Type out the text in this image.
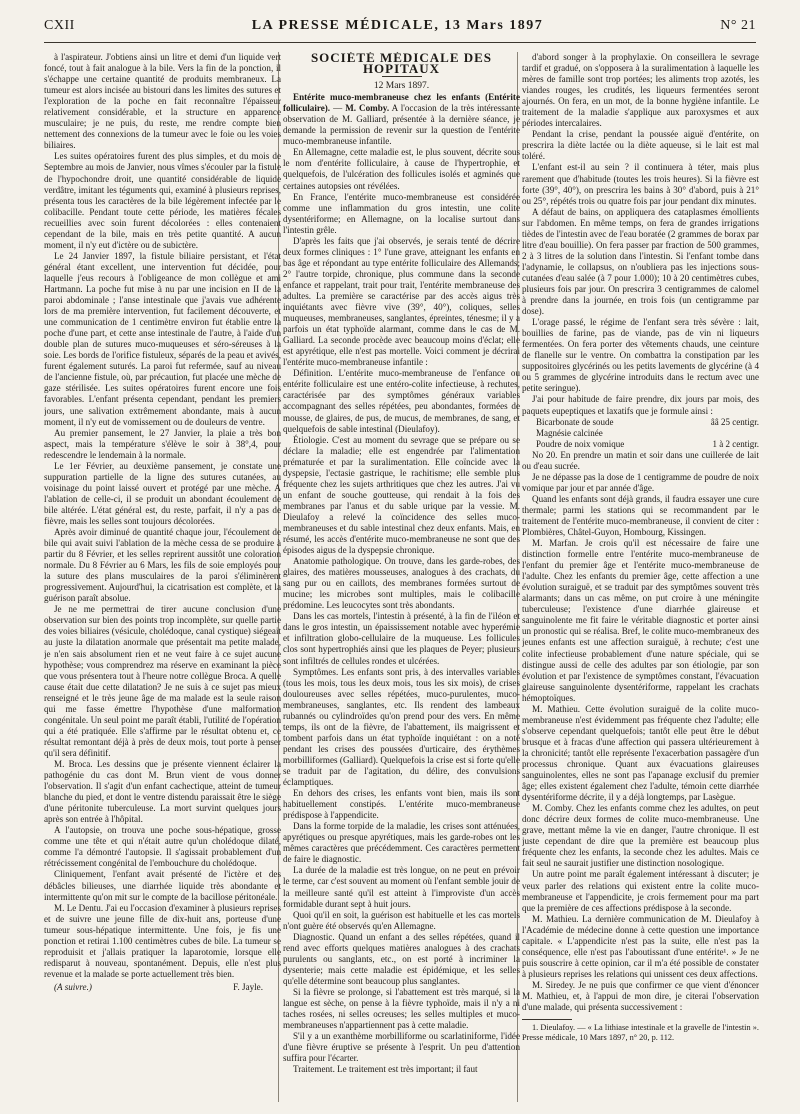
CXII	LA PRESSE MÉDICALE, 13 Mars 1897	N° 21

à l'aspirateur. J'obtiens ainsi un litre et demi d'un liquide vert foncé, tout à fait analogue à la bile. Vers la fin de la ponction, il s'échappe une certaine quantité de produits membraneux. La tumeur est alors incisée au bistouri dans les limites des sutures et l'exploration de la poche en fait reconnaître l'épaisseur relativement considérable, et la structure en apparence musculaire; je ne puis, du reste, me rendre compte bien nettement des connexions de la tumeur avec le foie ou les voies biliaires.

Les suites opératoires furent des plus simples, et du mois de Septembre au mois de Janvier, nous vîmes s'écouler par la fistule de l'hypochondre droit, une quantité considérable de liquide verdâtre, imitant les téguments qui, examiné à plusieurs reprises, présenta tous les caractères de la bile légèrement infectée par le colibacille. Pendant toute cette période, les matières fécales recueillies avec soin furent décolorées : elles contenaient cependant de la bile, mais en très petite quantité. A aucun moment, il n'y eut d'ictère ou de subictère.

Le 24 Janvier 1897, la fistule biliaire persistant, et l'état général étant excellent, une intervention fut décidée, pour laquelle j'eus recours à l'obligeance de mon collègue et ami Hartmann. La poche fut mise à nu par une incision en II de la paroi abdominale ; l'anse intestinale que j'avais vue adhérente lors de ma première intervention, fut facilement découverte, et une communication de 1 centimètre environ fut établie entre la poche d'une part, et cette anse intestinale de l'autre, à l'aide d'un double plan de sutures muco-muqueuses et séro-séreuses à la soie. Les bords de l'orifice fistuleux, séparés de la peau et avivés, furent également suturés. La paroi fut refermée, sauf au niveau de l'ancienne fistule, où, par précaution, fut placée une mèche de gaze stérilisée. Les suites opératoires furent encore une fois favorables. L'enfant présenta cependant, pendant les premiers jours, une salivation extrêmement abondante, mais à aucun moment, il n'y eut de vomissement ou de douleurs de ventre.

Au premier pansement, le 27 Janvier, la plaie a très bon aspect, mais la température s'élève le soir à 38°,4, pour redescendre le lendemain à la normale.

Le 1er Février, au deuxième pansement, je constate une suppuration partielle de la ligne des sutures cutanées, au voisinage du point laissé ouvert et protégé par une mèche. A l'ablation de celle-ci, il se produit un abondant écoulement de bile altérée. L'état général est, du reste, parfait, il n'y a pas de fièvre, mais les selles sont toujours décolorées.

Après avoir diminué de quantité chaque jour, l'écoulement de bile qui avait suivi l'ablation de la mèche cessa de se produire à partir du 8 Février, et les selles reprirent aussitôt une coloration normale. Du 8 Février au 6 Mars, les fils de soie employés pour la suture des plans musculaires de la paroi s'éliminèrent progressivement. Aujourd'hui, la cicatrisation est complète, et la guérison paraît absolue.

Je ne me permettrai de tirer aucune conclusion d'une observation sur bien des points trop incomplète, sur quelle partie des voies biliaires (vésicule, cholédoque, canal cystique) siégeait au juste la dilatation anormale que présentait ma petite malade, je n'en sais absolument rien et ne veut faire à ce sujet aucune hypothèse; vous comprendrez ma réserve en examinant la pièce que vous présentera tout à l'heure notre collègue Broca. A quelle cause était due cette dilatation? Je ne suis à ce sujet pas mieux renseigné et le très jeune âge de ma malade est la seule raison qui me fasse émettre l'hypothèse d'une malformation congénitale. Un seul point me paraît établi, l'utilité de l'opération qui a été pratiquée. Elle s'affirme par le résultat obtenu et, ce résultat remontant déjà à près de deux mois, tout porte à penser qu'il sera définitif.

M. Broca. Les dessins que je présente viennent éclairer la pathogénie du cas dont M. Brun vient de vous donner l'observation. Il s'agit d'un enfant cachectique, atteint de tumeur blanche du pied, et dont le ventre distendu paraissait être le siège d'une péritonite tuberculeuse. La mort survint quelques jours après son entrée à l'hôpital.

A l'autopsie, on trouva une poche sous-hépatique, grosse comme une tête et qui n'était autre qu'un cholédoque dilaté, comme l'a démontré l'autopsie. Il s'agissait probablement d'un rétrécissement congénital de l'embouchure du cholédoque.

Cliniquement, l'enfant avait présenté de l'ictère et des débâcles bilieuses, une diarrhée liquide très abondante et intermittente qu'on mit sur le compte de la bacillose péritonéale.

M. Le Dentu. J'ai eu l'occasion d'examiner à plusieurs reprises et de suivre une jeune fille de dix-huit ans, porteuse d'une tumeur sous-hépatique intermittente. Une fois, je fis une ponction et retirai 1.100 centimètres cubes de bile. La tumeur se reproduisit et j'allais pratiquer la laparotomie, lorsque elle redisparut à nouveau, spontanément. Depuis, elle n'est plus revenue et la malade se porte actuellement très bien.

(A suivre.)	F. Jayle.

SOCIÉTÉ MÉDICALE DES HOPITAUX

12 Mars 1897.

Entérite muco-membraneuse chez les enfants (Entérite folliculaire). — M. Comby. A l'occasion de la très intéressante observation de M. Galliard, présentée à la dernière séance, je demande la permission de revenir sur la question de l'entérite muco-membraneuse infantile.

En Allemagne, cette maladie est, le plus souvent, décrite sous le nom d'entérite folliculaire, à cause de l'hypertrophie, et quelquefois, de l'ulcération des follicules isolés et agminés que certaines autopsies ont révélées.

En France, l'entérite muco-membraneuse est considérée comme une inflammation du gros intestin, une colite dysentériforme; en Allemagne, on la localise surtout dans l'intestin grêle.

D'après les faits que j'ai observés, je serais tenté de décrire deux formes cliniques : 1° l'une grave, atteignant les enfants en bas âge et répondant au type entérite folliculaire des Allemands; 2° l'autre torpide, chronique, plus commune dans la seconde enfance et rappelant, trait pour trait, l'entérite membraneuse des adultes. La première se caractérise par des accès aigus très inquiétants avec fièvre vive (39°, 40°), coliques, selles muqueuses, membraneuses, sanglantes, épreintes, ténesme; il y a parfois un état typhoïde alarmant, comme dans le cas de M. Galliard. La seconde procède avec beaucoup moins d'éclat; elle est apyrétique, elle n'est pas mortelle. Voici comment je décrirai l'entérite muco-membraneuse infantile :

Définition. L'entérite muco-membraneuse de l'enfance ou entérite folliculaire est une entéro-colite infectieuse, à rechutes, caractérisée par des symptômes généraux variables accompagnant des selles répétées, peu abondantes, formées de mousse, de glaires, de pus, de mucus, de membranes, de sang, et quelquefois de sable intestinal (Dieulafoy).

Étiologie. C'est au moment du sevrage que se prépare ou se déclare la maladie; elle est engendrée par l'alimentation prématurée et par la suralimentation. Elle coïncide avec la dyspepsie, l'ectasie gastrique, le rachitisme; elle semble plus fréquente chez les sujets arthritiques que chez les autres. J'ai vu un enfant de souche goutteuse, qui rendait à la fois des membranes par l'anus et du sable urique par la vessie. M. Dieulafoy a relevé la coïncidence des selles muco-membraneuses et du sable intestinal chez deux enfants. Mais, en résumé, les accès d'entérite muco-membraneuse ne sont que des épisodes aigus de la dyspepsie chronique.

Anatomie pathologique. On trouve, dans les garde-robes, des glaires, des matières mousseuses, analogues à des crachats, du sang pur ou en caillots, des membranes formées surtout de mucine; les microbes sont multiples, mais le colibacille prédomine. Les leucocytes sont très abondants.

Dans les cas mortels, l'intestin à présenté, à la fin de l'iléon et dans le gros intestin, un épaississement notable avec hyperémie et infiltration globo-cellulaire de la muqueuse. Les follicules clos sont hypertrophiés ainsi que les plaques de Peyer; plusieurs sont infiltrés de cellules rondes et ulcérées.

Symptômes. Les enfants sont pris, à des intervalles variables (tous les mois, tous les deux mois, tous les six mois), de crises douloureuses avec selles répétées, muco-purulentes, muco-membraneuses, sanglantes, etc. Ils rendent des lambeaux rubannés ou cylindroïdes qu'on prend pour des vers. En même temps, ils ont de la fièvre, de l'abattement, ils maigrissent et tombent parfois dans un état typhoïde inquiétant : on a noté pendant les crises des poussées d'urticaire, des érythèmes morbilliformes (Galliard). Quelquefois la crise est si forte qu'elle se traduit par de l'agitation, du délire, des convulsions éclamptiques.

En dehors des crises, les enfants vont bien, mais ils sont habituellement constipés. L'entérite muco-membraneuse prédispose à l'appendicite.

Dans la forme torpide de la maladie, les crises sont atténuées, apyrétiques ou presque apyrétiques, mais les garde-robes ont les mêmes caractères que précédemment. Ces caractères permettent de faire le diagnostic.

La durée de la maladie est très longue, on ne peut en prévoir le terme, car c'est souvent au moment où l'enfant semble jouir de la meilleure santé qu'il est atteint à l'improviste d'un accès formidable durant sept à huit jours.

Quoi qu'il en soit, la guérison est habituelle et les cas mortels n'ont guère été observés qu'en Allemagne.

Diagnostic. Quand un enfant a des selles répétées, quand il rend avec efforts quelques matières analogues à des crachats purulents ou sanglants, etc., on est porté à incriminer la dysenterie; mais cette maladie est épidémique, et les selles qu'elle détermine sont beaucoup plus sanglantes.

Si la fièvre se prolonge, si l'abattement est très marqué, si la langue est sèche, on pense à la fièvre typhoïde, mais il n'y a ni taches rosées, ni selles ocreuses; les selles multiples et muco-membraneuses n'appartiennent pas à cette maladie.

S'il y a un exanthème morbilliforme ou scarlatiniforme, l'idée d'une fièvre éruptive se présente à l'esprit. Un peu d'attention suffira pour l'écarter.

Traitement. Le traitement est très important; il faut

d'abord songer à la prophylaxie. On conseillera le sevrage tardif et gradué, on s'opposera à la suralimentation à laquelle les mères de famille sont trop portées; les aliments trop azotés, les viandes rouges, les crudités, les liqueurs fermentées seront ajournés. On fera, en un mot, de la bonne hygiène infantile. Le traitement de la maladie s'applique aux paroxysmes et aux périodes intercalaires.

Pendant la crise, pendant la poussée aiguë d'entérite, on prescrira la diète lactée ou la diète aqueuse, si le lait est mal toléré.

L'enfant est-il au sein ? il continuera à téter, mais plus rarement que d'habitude (toutes les trois heures). Si la fièvre est forte (39°, 40°), on prescrira les bains à 30° d'abord, puis à 21° ou 25°, répétés trois ou quatre fois par jour pendant dix minutes.

A défaut de bains, on appliquera des cataplasmes émollients sur l'abdomen. En même temps, on fera de grandes irrigations tièdes de l'intestin avec de l'eau boratée (2 grammes de borax par litre d'eau bouillie). On fera passer par fraction de 500 grammes, 2 à 3 litres de la solution dans l'intestin. Si l'enfant tombe dans l'adynamie, le collapsus, on n'oubliera pas les injections sous-cutanées d'eau salée (à 7 pour 1.000); 10 à 20 centimètres cubes, plusieurs fois par jour. On prescrira 3 centigrammes de calomel à prendre dans la journée, en trois fois (un centigramme par dose).

L'orage passé, le régime de l'enfant sera très sévère : lait, bouillies de farine, pas de viande, pas de vin ni liqueurs fermentées. On fera porter des vêtements chauds, une ceinture de flanelle sur le ventre. On combattra la constipation par les suppositoires glycérinés ou les petits lavements de glycérine (à 4 ou 5 grammes de glycérine introduits dans le rectum avec une petite seringue).

J'ai pour habitude de faire prendre, dix jours par mois, des paquets eupeptiques et laxatifs que je formule ainsi :

Bicarbonate de soude	ââ 25 centigr.
Magnésie calcinée
Poudre de noix vomique	1 à 2 centigr.

No 20. En prendre un matin et soir dans une cuillerée de lait ou d'eau sucrée.

Je ne dépasse pas la dose de 1 centigramme de poudre de noix vomique par jour et par année d'âge.

Quand les enfants sont déjà grands, il faudra essayer une cure thermale; parmi les stations qui se recommandent par le traitement de l'entérite muco-membraneuse, il convient de citer : Plombières, Châtel-Guyon, Hombourg, Kissingen.

M. Marfan. Je crois qu'il est nécessaire de faire une distinction formelle entre l'entérite muco-membraneuse de l'enfant du premier âge et l'entérite muco-membraneuse de l'adulte. Chez les enfants du premier âge, cette affection a une évolution suraiguë, et se traduit par des symptômes souvent très alarmants; dans un cas même, on put croire à une méningite tuberculeuse; l'existence d'une diarrhée glaireuse et sanguinolente me fit faire le véritable diagnostic et porter ainsi un pronostic qui se réalisa. Bref, le colite muco-membraneux des jeunes enfants est une affection suraiguë, à rechute; c'est une colite infectieuse probablement d'une nature spéciale, qui se distingue aussi de celle des adultes par son étiologie, par son évolution et par l'existence de symptômes constant, l'évacuation glaireuse sanguinolente dysentériforme, rappelant les crachats hémoptoïques.

M. Mathieu. Cette évolution suraiguë de la colite muco-membraneuse n'est évidemment pas fréquente chez l'adulte; elle s'observe cependant quelquefois; tantôt elle peut être le début brusque et à fracas d'une affection qui passera ultérieurement à la chronicité; tantôt elle représente l'exacerbation passagère d'un processus chronique. Quant aux évacuations glaireuses sanguinolentes, elles ne sont pas l'apanage exclusif du premier âge; elles existent également chez l'adulte, témoin cette diarrhée dysentériforme décrite, il y a déjà longtemps, par Lasègue.

M. Comby. Chez les enfants comme chez les adultes, on peut donc décrire deux formes de colite muco-membraneuse. Une grave, mettant même la vie en danger, l'autre chronique. Il est juste cependant de dire que la première est beaucoup plus fréquente chez les enfants, la seconde chez les adultes. Mais ce fait seul ne saurait justifier une distinction nosologique.

Un autre point me paraît également intéressant à discuter; je veux parler des relations qui existent entre la colite muco-membraneuse et l'appendicite, je crois fermement pour ma part que la première de ces affections prédispose à la seconde.

M. Mathieu. La dernière communication de M. Dieulafoy à l'Académie de médecine donne à cette question une importance capitale. « L'appendicite n'est pas la suite, elle n'est pas la conséquence, elle n'est pas l'aboutissant d'une entérite¹. » Je ne puis souscrire à cette opinion, car il m'a été possible de constater à plusieurs reprises les relations qui unissent ces deux affections.

M. Siredey. Je ne puis que confirmer ce que vient d'énoncer M. Mathieu, et, à l'appui de mon dire, je citerai l'observation d'une malade, qui présenta successivement :

1. Dieulafoy. — « La lithiase intestinale et la gravelle de l'intestin ». Presse médicale, 10 Mars 1897, n° 20, p. 112.
